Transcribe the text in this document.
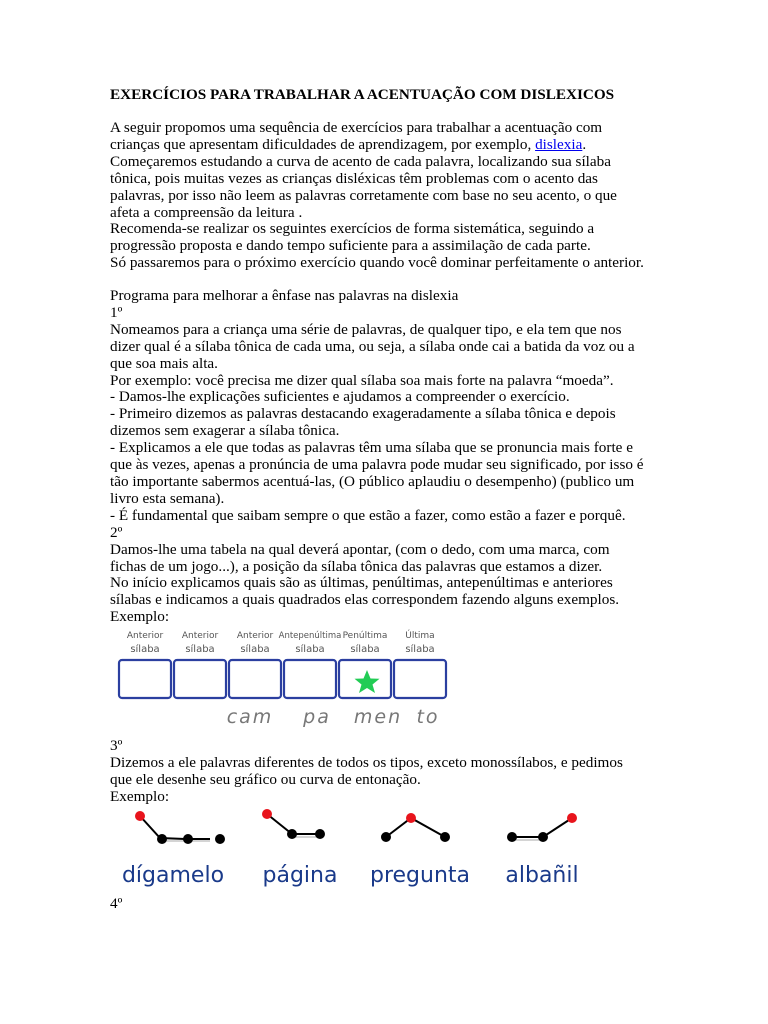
EXERCÍCIOS PARA TRABALHAR A ACENTUAÇÃO COM DISLEXICOS
A seguir propomos uma sequência de exercícios para trabalhar a acentuação com
crianças que apresentam dificuldades de aprendizagem, por exemplo, dislexia.
Começaremos estudando a curva de acento de cada palavra, localizando sua sílaba
tônica, pois muitas vezes as crianças disléxicas têm problemas com o acento das
palavras, por isso não leem as palavras corretamente com base no seu acento, o que
afeta a compreensão da leitura .
Recomenda-se realizar os seguintes exercícios de forma sistemática, seguindo a
progressão proposta e dando tempo suficiente para a assimilação de cada parte.
Só passaremos para o próximo exercício quando você dominar perfeitamente o anterior.
Programa para melhorar a ênfase nas palavras na dislexia
1º
Nomeamos para a criança uma série de palavras, de qualquer tipo, e ela tem que nos
dizer qual é a sílaba tônica de cada uma, ou seja, a sílaba onde cai a batida da voz ou a
que soa mais alta.
Por exemplo: você precisa me dizer qual sílaba soa mais forte na palavra “moeda”.
- Damos-lhe explicações suficientes e ajudamos a compreender o exercício.
- Primeiro dizemos as palavras destacando exageradamente a sílaba tônica e depois
dizemos sem exagerar a sílaba tônica.
- Explicamos a ele que todas as palavras têm uma sílaba que se pronuncia mais forte e
que às vezes, apenas a pronúncia de uma palavra pode mudar seu significado, por isso é
tão importante sabermos acentuá-las, (O público aplaudiu o desempenho) (publico um
livro esta semana).
- É fundamental que saibam sempre o que estão a fazer, como estão a fazer e porquê.
2º
Damos-lhe uma tabela na qual deverá apontar, (com o dedo, com uma marca, com
fichas de um jogo...), a posição da sílaba tônica das palavras que estamos a dizer.
No início explicamos quais são as últimas, penúltimas, antepenúltimas e anteriores
sílabas e indicamos a quais quadrados elas correspondem fazendo alguns exemplos.
Exemplo:
Anterior
sílaba
Anterior
sílaba
Anterior
sílaba
Antepenúltima
sílaba
Penúltima
sílaba
Última
sílaba
cam pa men to
3º
Dizemos a ele palavras diferentes de todos os tipos, exceto monossílabos, e pedimos
que ele desenhe seu gráfico ou curva de entonação.
Exemplo:
dígamelo página pregunta albañil
4º
